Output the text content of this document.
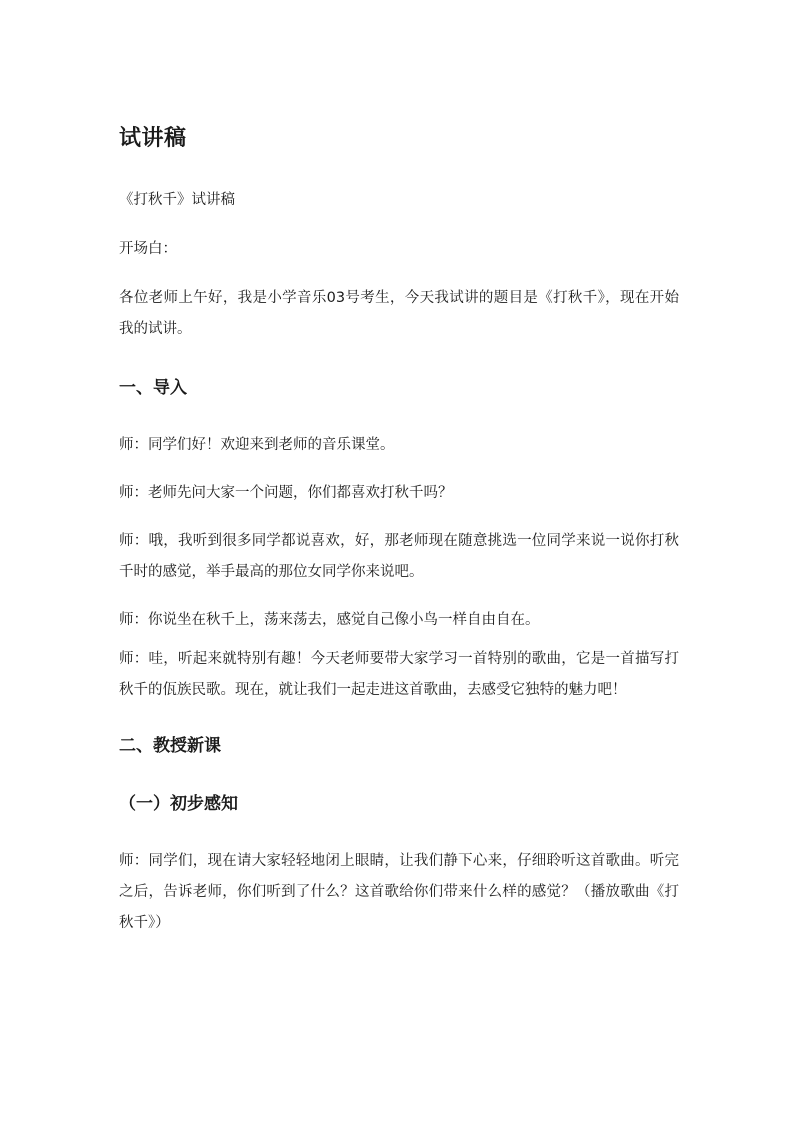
试讲稿

《打秋千》试讲稿

开场白：

各位老师上午好，我是小学音乐03号考生，今天我试讲的题目是《打秋千》，现在开始我的试讲。

一、导入

师：同学们好！欢迎来到老师的音乐课堂。

师：老师先问大家一个问题，你们都喜欢打秋千吗？

师：哦，我听到很多同学都说喜欢，好，那老师现在随意挑选一位同学来说一说你打秋千时的感觉，举手最高的那位女同学你来说吧。

师：你说坐在秋千上，荡来荡去，感觉自己像小鸟一样自由自在。

师：哇，听起来就特别有趣！今天老师要带大家学习一首特别的歌曲，它是一首描写打秋千的佤族民歌。现在，就让我们一起走进这首歌曲，去感受它独特的魅力吧！

二、教授新课
（一）初步感知

师：同学们，现在请大家轻轻地闭上眼睛，让我们静下心来，仔细聆听这首歌曲。听完之后，告诉老师，你们听到了什么？这首歌给你们带来什么样的感觉？（播放歌曲《打秋千》）
